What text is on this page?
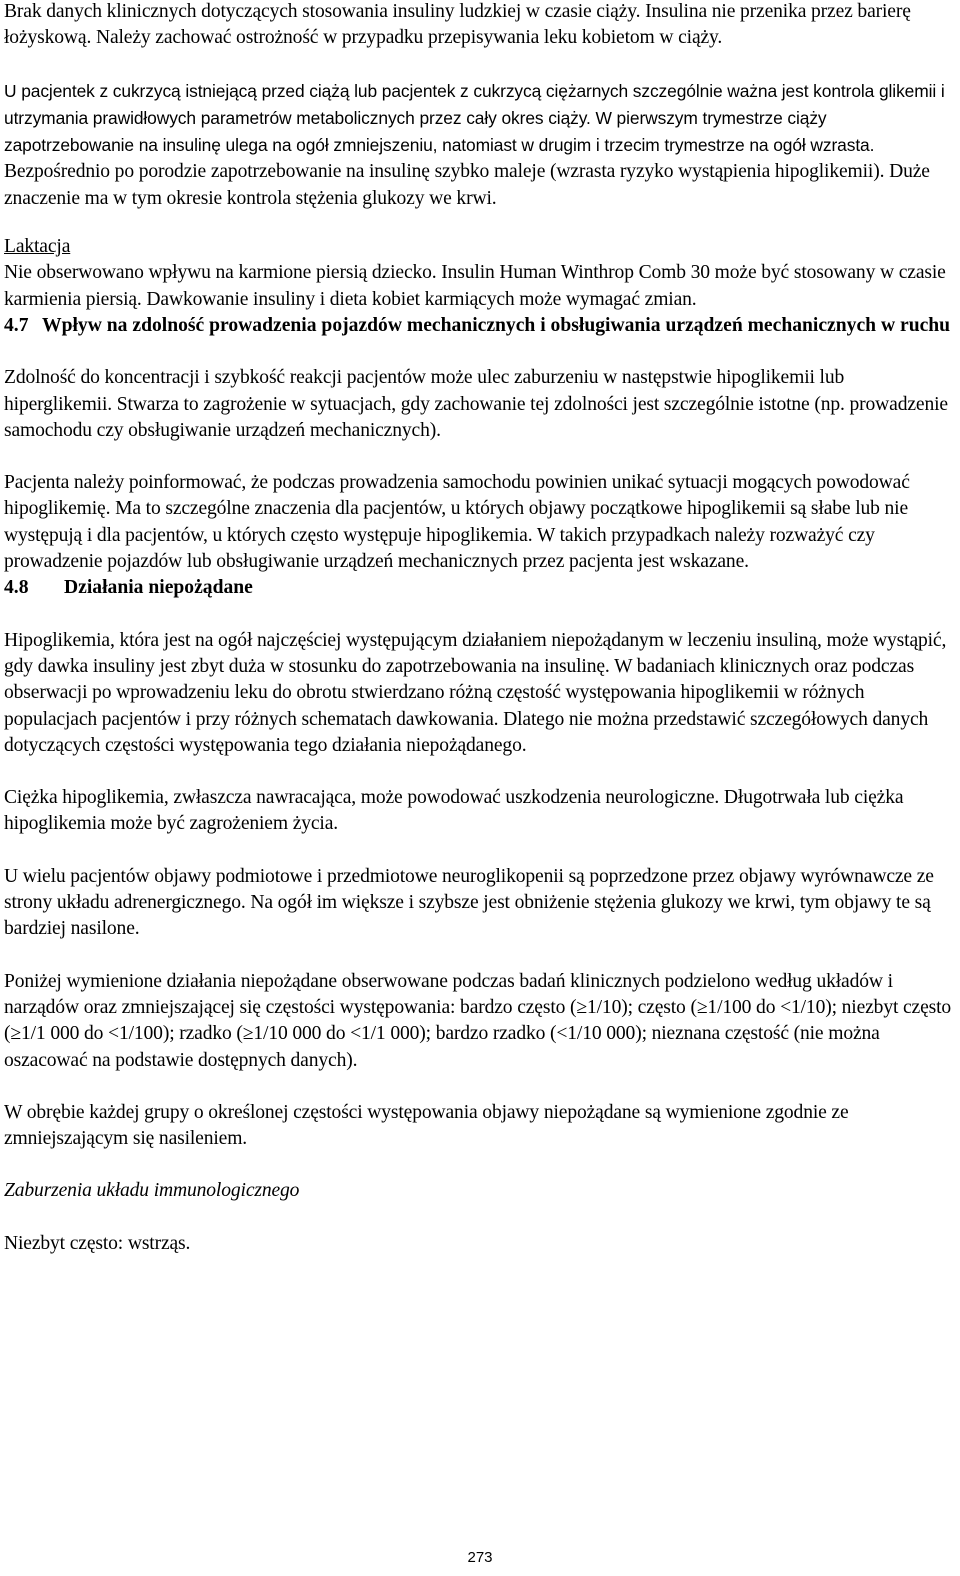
Brak danych klinicznych dotyczących stosowania insuliny ludzkiej w czasie ciąży. Insulina nie przenika przez barierę łożyskową. Należy zachować ostrożność w przypadku przepisywania leku kobietom w ciąży.

U pacjentek z cukrzycą istniejącą przed ciążą lub pacjentek z cukrzycą ciężarnych szczególnie ważna jest kontrola glikemii i utrzymania prawidłowych parametrów metabolicznych przez cały okres ciąży. W pierwszym trymestrze ciąży zapotrzebowanie na insulinę ulega na ogół zmniejszeniu, natomiast w drugim i trzecim trymestrze na ogół wzrasta. Bezpośrednio po porodzie zapotrzebowanie na insulinę szybko maleje (wzrasta ryzyko wystąpienia hipoglikemii). Duże znaczenie ma w tym okresie kontrola stężenia glukozy we krwi.

Laktacja

Nie obserwowano wpływu na karmione piersią dziecko. Insulin Human Winthrop Comb 30 może być stosowany w czasie karmienia piersią. Dawkowanie insuliny i dieta kobiet karmiących może wymagać zmian.

4.7 Wpływ na zdolność prowadzenia pojazdów mechanicznych i obsługiwania urządzeń mechanicznych w ruchu

Zdolność do koncentracji i szybkość reakcji pacjentów może ulec zaburzeniu w następstwie hipoglikemii lub hiperglikemii. Stwarza to zagrożenie w sytuacjach, gdy zachowanie tej zdolności jest szczególnie istotne (np. prowadzenie samochodu czy obsługiwanie urządzeń mechanicznych).

Pacjenta należy poinformować, że podczas prowadzenia samochodu powinien unikać sytuacji mogących powodować hipoglikemię. Ma to szczególne znaczenia dla pacjentów, u których objawy początkowe hipoglikemii są słabe lub nie występują i dla pacjentów, u których często występuje hipoglikemia. W takich przypadkach należy rozważyć czy prowadzenie pojazdów lub obsługiwanie urządzeń mechanicznych przez pacjenta jest wskazane.

4.8	Działania niepożądane

Hipoglikemia, która jest na ogół najczęściej występującym działaniem niepożądanym w leczeniu insuliną, może wystąpić, gdy dawka insuliny jest zbyt duża w stosunku do zapotrzebowania na insulinę. W badaniach klinicznych oraz podczas obserwacji po wprowadzeniu leku do obrotu stwierdzano różną częstość występowania hipoglikemii w różnych populacjach pacjentów i przy różnych schematach dawkowania. Dlatego nie można przedstawić szczegółowych danych dotyczących częstości występowania tego działania niepożądanego.

Ciężka hipoglikemia, zwłaszcza nawracająca, może powodować uszkodzenia neurologiczne. Długotrwała lub ciężka hipoglikemia może być zagrożeniem życia.

U wielu pacjentów objawy podmiotowe i przedmiotowe neuroglikopenii są poprzedzone przez objawy wyrównawcze ze strony układu adrenergicznego. Na ogół im większe i szybsze jest obniżenie stężenia glukozy we krwi, tym objawy te są bardziej nasilone.

Poniżej wymienione działania niepożądane obserwowane podczas badań klinicznych podzielono według układów i narządów oraz zmniejszającej się częstości występowania: bardzo często (≥1/10); często (≥1/100 do <1/10); niezbyt często (≥1/1 000 do <1/100); rzadko (≥1/10 000 do <1/1 000); bardzo rzadko (<1/10 000); nieznana częstość (nie można oszacować na podstawie dostępnych danych).

W obrębie każdej grupy o określonej częstości występowania objawy niepożądane są wymienione zgodnie ze zmniejszającym się nasileniem.

Zaburzenia układu immunologicznego

Niezbyt często: wstrząs.

273
